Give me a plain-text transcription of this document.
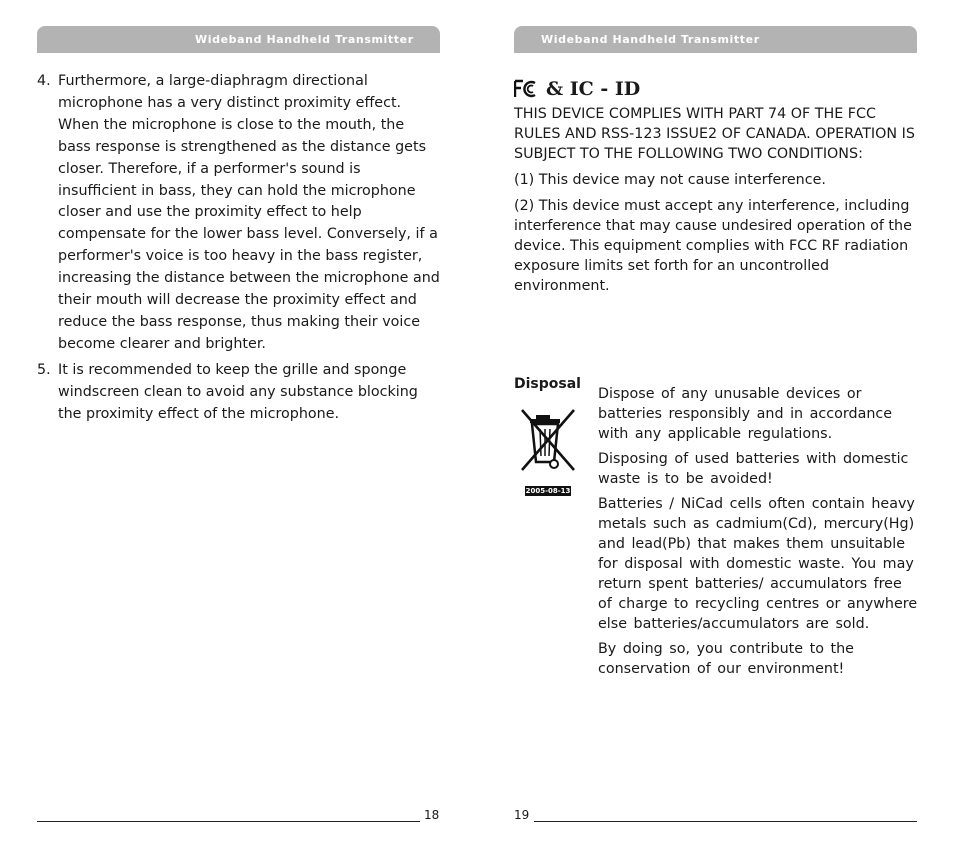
Wideband Handheld Transmitter
4. Furthermore, a large-diaphragm directional microphone has a very distinct proximity effect. When the microphone is close to the mouth, the bass response is strengthened as the distance gets closer. Therefore, if a performer's sound is insufficient in bass, they can hold the microphone closer and use the proximity effect to help compensate for the lower bass level. Conversely, if a performer's voice is too heavy in the bass register, increasing the distance between the microphone and their mouth will decrease the proximity effect and reduce the bass response, thus making their voice become clearer and brighter.
5. It is recommended to keep the grille and sponge windscreen clean to avoid any substance blocking the proximity effect of the microphone.
18
Wideband Handheld Transmitter
& IC - ID

THIS DEVICE COMPLIES WITH PART 74 OF THE FCC RULES AND RSS-123 ISSUE2 OF CANADA. OPERATION IS SUBJECT TO THE FOLLOWING TWO CONDITIONS:

(1) This device may not cause interference.

(2) This device must accept any interference, including interference that may cause undesired operation of the device. This equipment complies with FCC RF radiation exposure limits set forth for an uncontrolled environment.

Disposal
2005-08-13

Dispose of any unusable devices or batteries responsibly and in accordance with any applicable regulations.

Disposing of used batteries with domestic waste is to be avoided!

Batteries / NiCad cells often contain heavy metals such as cadmium(Cd), mercury(Hg) and lead(Pb) that makes them unsuitable for disposal with domestic waste. You may return spent batteries/ accumulators free of charge to recycling centres or anywhere else batteries/accumulators are sold.

By doing so, you contribute to the conservation of our environment!

19
